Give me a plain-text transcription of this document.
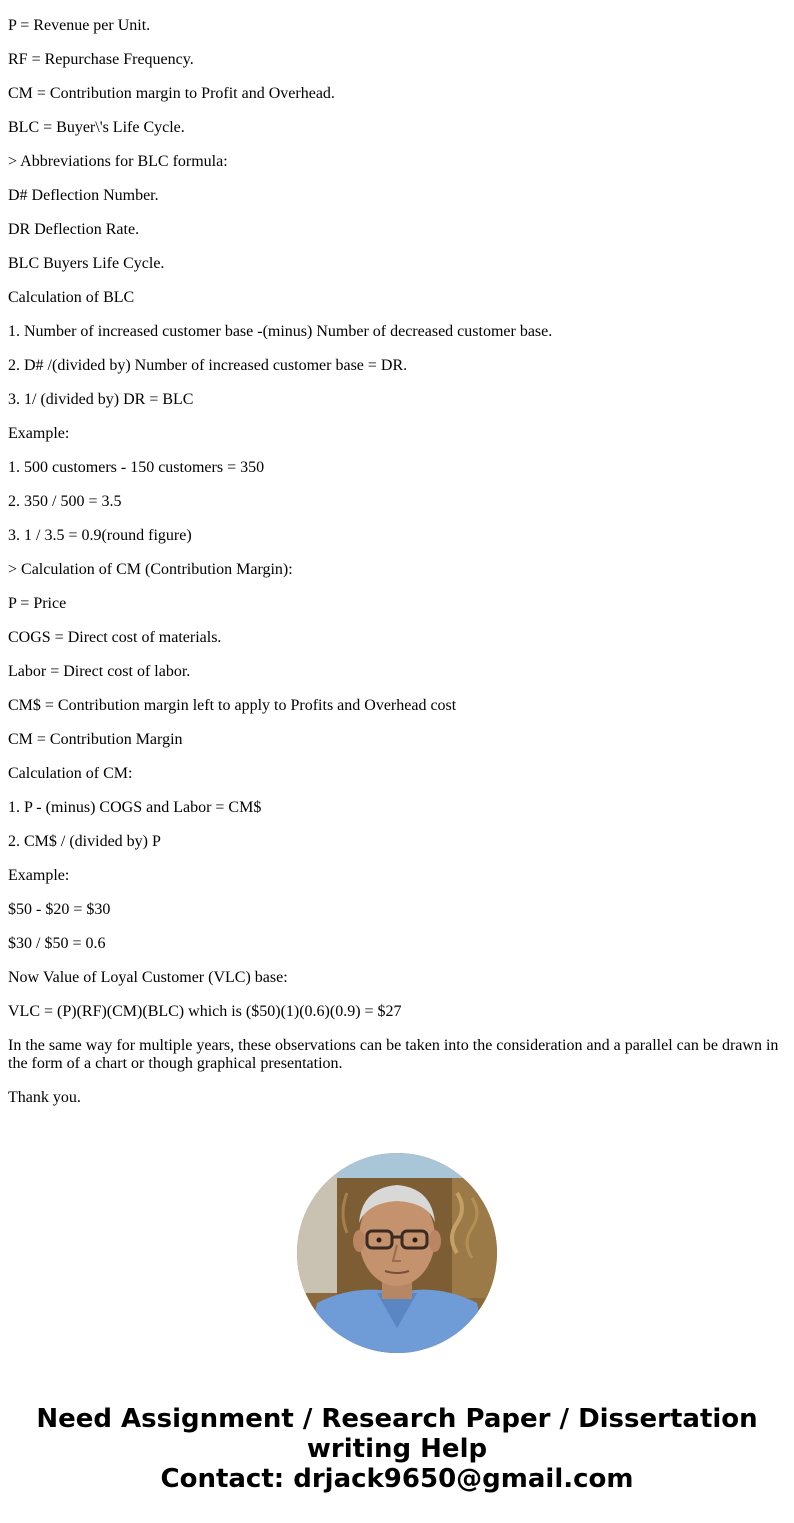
P = Revenue per Unit.

RF = Repurchase Frequency.

CM = Contribution margin to Profit and Overhead.

BLC = Buyer\'s Life Cycle.

> Abbreviations for BLC formula:

D# Deflection Number.

DR Deflection Rate.

BLC Buyers Life Cycle.

Calculation of BLC

1. Number of increased customer base -(minus) Number of decreased customer base.

2. D# /(divided by) Number of increased customer base = DR.

3. 1/ (divided by) DR = BLC

Example:

1. 500 customers - 150 customers = 350

2. 350 / 500 = 3.5

3. 1 / 3.5 = 0.9(round figure)

> Calculation of CM (Contribution Margin):

P = Price

COGS = Direct cost of materials.

Labor = Direct cost of labor.

CM$ = Contribution margin left to apply to Profits and Overhead cost

CM = Contribution Margin

Calculation of CM:

1. P - (minus) COGS and Labor = CM$

2. CM$ / (divided by) P

Example:

$50 - $20 = $30

$30 / $50 = 0.6

Now Value of Loyal Customer (VLC) base:

VLC = (P)(RF)(CM)(BLC) which is ($50)(1)(0.6)(0.9) = $27

In the same way for multiple years, these observations can be taken into the consideration and a parallel can be drawn in the form of a chart or though graphical presentation.

Thank you.

Need Assignment / Research Paper / Dissertation
writing Help
Contact: drjack9650@gmail.com
